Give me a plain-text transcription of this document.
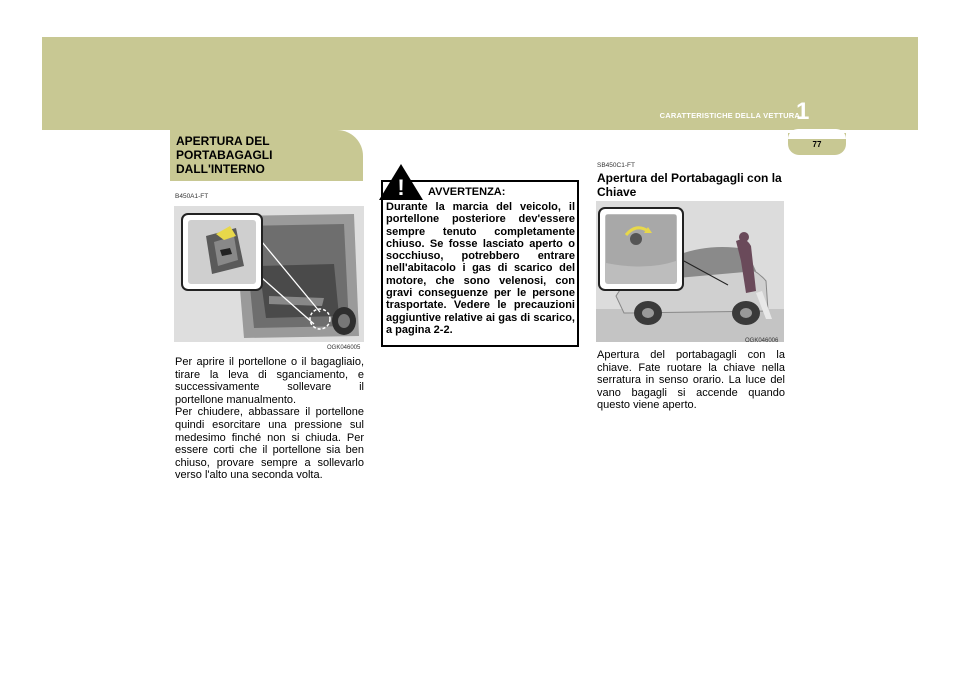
CARATTERISTICHE DELLA VETTURA
1
77
APERTURA DEL
PORTABAGAGLI
DALL'INTERNO
B450A1-FT
OGK046005
Per aprire il portellone o il bagagliaio, tirare la leva di sganciamento, e successivamente sollevare il portellone manualmento.
Per chiudere, abbassare il portellone quindi esorcitare una pressione sul medesimo finché non si chiuda. Per essere corti che il portellone sia ben chiuso, provare sempre a sollevarlo verso l'alto una seconda volta.
! AVVERTENZA:
Durante la marcia del veicolo, il portellone posteriore dev'essere sempre tenuto completamente chiuso. Se fosse lasciato aperto o socchiuso, potrebbero entrare nell'abitacolo i gas di scarico del motore, che sono velenosi, con gravi conseguenze per le persone trasportate. Vedere le precauzioni aggiuntive relative ai gas di scarico, a pagina 2-2.
SB450C1-FT
Apertura del Portabagagli con la Chiave
OGK046006
Apertura del portabagagli con la chiave. Fate ruotare la chiave nella serratura in senso orario. La luce del vano bagagli si accende quando questo viene aperto.
